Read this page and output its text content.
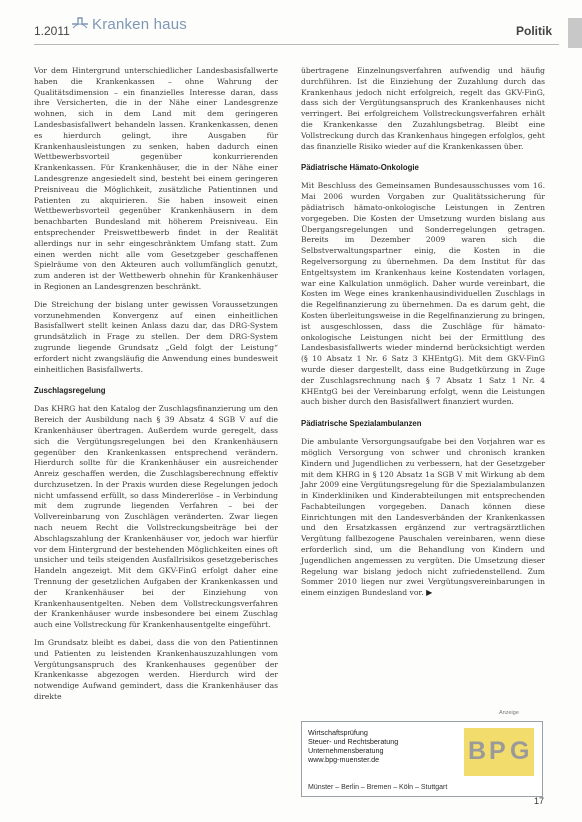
1.2011	Kranken haus	Politik

Vor dem Hintergrund unterschiedlicher Landesbasisfallwerte haben die Krankenkassen – ohne Wahrung der Qualitätsdimension – ein finanzielles Interesse daran, dass ihre Versicherten, die in der Nähe einer Landesgrenze wohnen, sich in dem Land mit dem geringeren Landesbasisfallwert behandeln lassen. Krankenkassen, denen es hierdurch gelingt, ihre Ausgaben für Krankenhausleistungen zu senken, haben dadurch einen Wettbewerbsvorteil gegenüber konkurrierenden Krankenkassen. Für Krankenhäuser, die in der Nähe einer Landesgrenze angesiedelt sind, besteht bei einem geringeren Preisniveau die Möglichkeit, zusätzliche Patientinnen und Patienten zu akquirieren. Sie haben insoweit einen Wettbewerbsvorteil gegenüber Krankenhäusern in dem benachbarten Bundesland mit höherem Preisniveau. Ein entsprechender Preiswettbewerb findet in der Realität allerdings nur in sehr eingeschränktem Umfang statt. Zum einen werden nicht alle vom Gesetzgeber geschaffenen Spielräume von den Akteuren auch vollumfänglich genutzt, zum anderen ist der Wettbewerb ohnehin für Krankenhäuser in Regionen an Landesgrenzen beschränkt.

Die Streichung der bislang unter gewissen Voraussetzungen vorzunehmenden Konvergenz auf einen einheitlichen Basisfallwert stellt keinen Anlass dazu dar, das DRG-System grundsätzlich in Frage zu stellen. Der dem DRG-System zugrunde liegende Grundsatz „Geld folgt der Leistung“ erfordert nicht zwangsläufig die Anwendung eines bundesweit einheitlichen Basisfallwerts.

Zuschlagsregelung

Das KHRG hat den Katalog der Zuschlagsfinanzierung um den Bereich der Ausbildung nach § 39 Absatz 4 SGB V auf die Krankenhäuser übertragen. Außerdem wurde geregelt, dass sich die Vergütungsregelungen bei den Krankenhäusern gegenüber den Krankenkassen entsprechend verändern. Hierdurch sollte für die Krankenhäuser ein ausreichender Anreiz geschaffen werden, die Zuschlagsberechnung effektiv durchzusetzen. In der Praxis wurden diese Regelungen jedoch nicht umfassend erfüllt, so dass Mindererlöse – in Verbindung mit dem zugrunde liegenden Verfahren – bei der Vollvereinbarung von Zuschlägen veränderten. Zwar liegen nach neuem Recht die Vollstreckungsbeiträge bei der Abschlagszahlung der Krankenhäuser vor, jedoch war hierfür vor dem Hintergrund der bestehenden Möglichkeiten eines oft unsicher und teils steigenden Ausfallrisikos gesetzgeberisches Handeln angezeigt. Mit dem GKV-FinG erfolgt daher eine Trennung der gesetzlichen Aufgaben der Krankenkassen und der Krankenhäuser bei der Einziehung von Krankenhausentgelten. Neben dem Vollstreckungsverfahren der Krankenhäuser wurde insbesondere bei einem Zuschlag auch eine Vollstreckung für Krankenhausentgelte eingeführt.

Im Grundsatz bleibt es dabei, dass die von den Patientinnen und Patienten zu leistenden Krankenhauszuzahlungen vom Vergütungsanspruch des Krankenhauses gegenüber der Krankenkasse abgezogen werden. Hierdurch wird der notwendige Aufwand gemindert, dass die Krankenhäuser das direkte

übertragene Einzelnungsverfahren aufwendig und häufig durchführen. Ist die Einziehung der Zuzahlung durch das Krankenhaus jedoch nicht erfolgreich, regelt das GKV-FinG, dass sich der Vergütungsanspruch des Krankenhauses nicht verringert. Bei erfolgreichem Vollstreckungsverfahren erhält die Krankenkasse den Zuzahlungsbetrag. Bleibt eine Vollstreckung durch das Krankenhaus hingegen erfolglos, geht das finanzielle Risiko wieder auf die Krankenkassen über.

Pädiatrische Hämato-Onkologie

Mit Beschluss des Gemeinsamen Bundesausschusses vom 16. Mai 2006 wurden Vorgaben zur Qualitätssicherung für pädiatrisch hämato-onkologische Leistungen in Zentren vorgegeben. Die Kosten der Umsetzung wurden bislang aus Übergangsregelungen und Sonderregelungen getragen. Bereits im Dezember 2009 waren sich die Selbstverwaltungspartner einig, die Kosten in die Regelversorgung zu übernehmen. Da dem Institut für das Entgeltsystem im Krankenhaus keine Kostendaten vorlagen, war eine Kalkulation unmöglich. Daher wurde vereinbart, die Kosten im Wege eines krankenhausindividuellen Zuschlags in die Regelfinanzierung zu übernehmen. Da es darum geht, die Kosten überleitungsweise in die Regelfinanzierung zu bringen, ist ausgeschlossen, dass die Zuschläge für hämato-onkologische Leistungen nicht bei der Ermittlung des Landesbasisfallwerts wieder mindernd berücksichtigt werden (§ 10 Absatz 1 Nr. 6 Satz 3 KHEntgG). Mit dem GKV-FinG wurde dieser dargestellt, dass eine Budgetkürzung in Zuge der Zuschlagsrechnung nach § 7 Absatz 1 Satz 1 Nr. 4 KHEntgG bei der Vereinbarung erfolgt, wenn die Leistungen auch bisher durch den Basisfallwert finanziert wurden.

Pädiatrische Spezialambulanzen

Die ambulante Versorgungsaufgabe bei den Vorjahren war es möglich Versorgung von schwer und chronisch kranken Kindern und Jugendlichen zu verbessern, hat der Gesetzgeber mit dem KHRG in § 120 Absatz 1a SGB V mit Wirkung ab dem Jahr 2009 eine Vergütungsregelung für die Spezialambulanzen in Kinderkliniken und Kinderabteilungen mit entsprechenden Fachabteilungen vorgegeben. Danach können diese Einrichtungen mit den Landesverbänden der Krankenkassen und den Ersatzkassen ergänzend zur vertragsärztlichen Vergütung fallbezogene Pauschalen vereinbaren, wenn diese erforderlich sind, um die Behandlung von Kindern und Jugendlichen angemessen zu vergüten. Die Umsetzung dieser Regelung war bislang jedoch nicht zufriedenstellend. Zum Sommer 2010 liegen nur zwei Vergütungsvereinbarungen in einem einzigen Bundesland vor. ▶

Anzeige
Wirtschaftsprüfung
Steuer- und Rechtsberatung
Unternehmensberatung
www.bpg-muenster.de	B P G
Münster – Berlin – Bremen – Köln – Stuttgart
17
